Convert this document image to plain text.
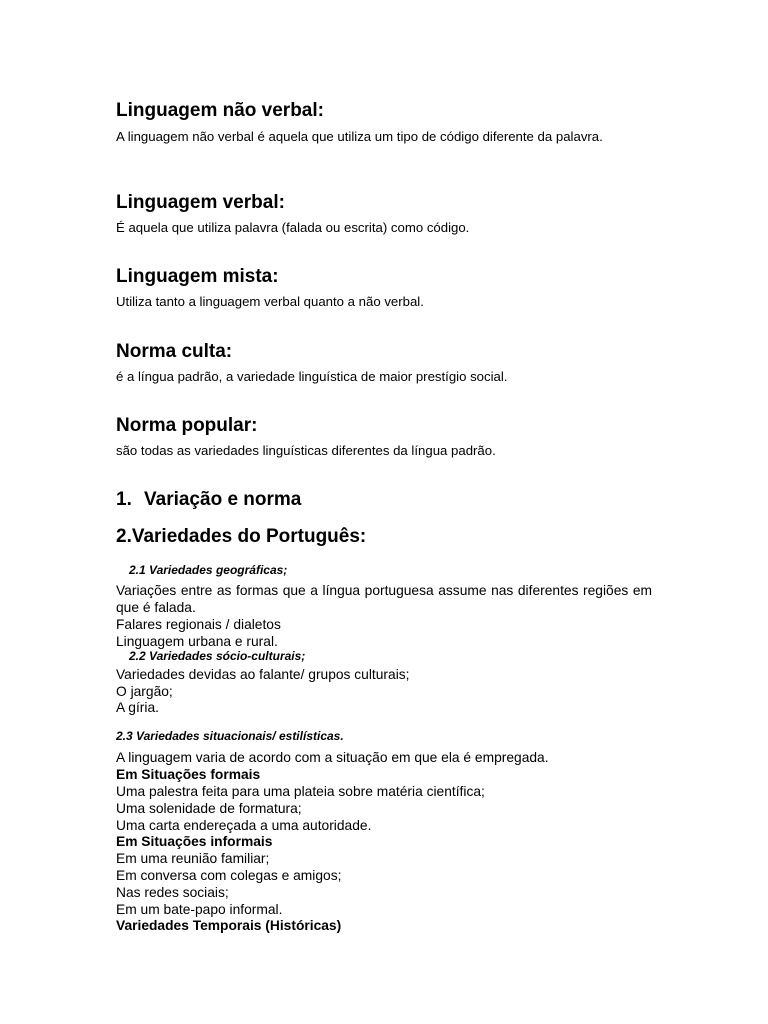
Linguagem não verbal:

A linguagem não verbal é aquela que utiliza um tipo de código diferente da palavra.

Linguagem verbal:

É aquela que utiliza palavra (falada ou escrita) como código.

Linguagem mista:

Utiliza tanto a linguagem verbal quanto a não verbal.

Norma culta:

é a língua padrão, a variedade linguística de maior prestígio social.

Norma popular:

são todas as variedades linguísticas diferentes da língua padrão.

1. Variação e norma
2.Variedades do Português:
2.1 Variedades geográficas;

Variações entre as formas que a língua portuguesa assume nas diferentes regiões em que é falada.

Falares regionais / dialetos

Linguagem urbana e rural.

2.2 Variedades sócio-culturais;

Variedades devidas ao falante/ grupos culturais;

O jargão;

A gíria.

2.3 Variedades situacionais/ estilísticas.

A linguagem varia de acordo com a situação em que ela é empregada.

Em Situações formais

Uma palestra feita para uma plateia sobre matéria científica;

Uma solenidade de formatura;

Uma carta endereçada a uma autoridade.

Em Situações informais

Em uma reunião familiar;

Em conversa com colegas e amigos;

Nas redes sociais;

Em um bate-papo informal.

Variedades Temporais (Históricas)
